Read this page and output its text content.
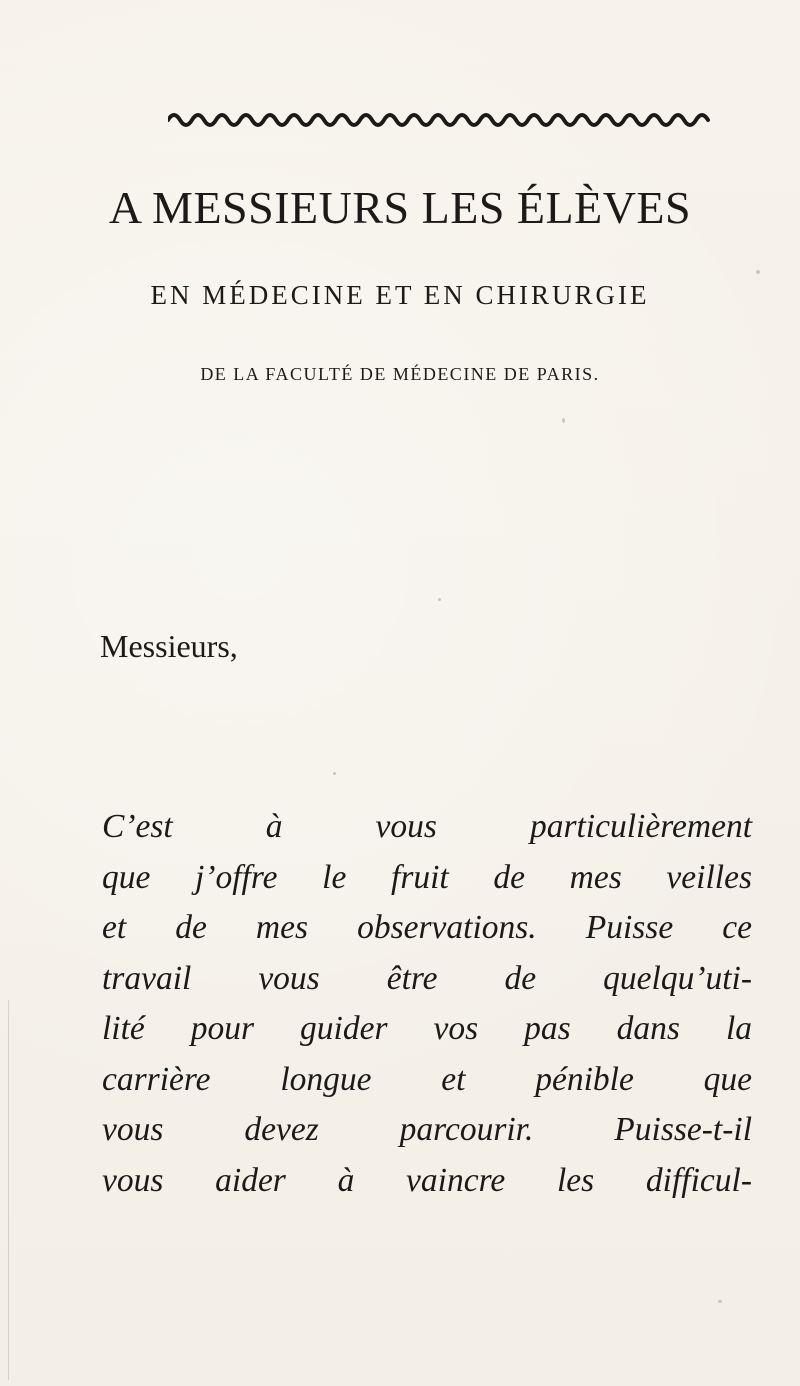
A MESSIEURS LES ÉLÈVES
EN MÉDECINE ET EN CHIRURGIE
DE LA FACULTÉ DE MÉDECINE DE PARIS.
Messieurs,
C’est à vous particulièrement
que j’offre le fruit de mes veilles
et de mes observations. Puisse ce
travail vous être de quelqu’uti-
lité pour guider vos pas dans la
carrière longue et pénible que
vous devez parcourir. Puisse-t-il
vous aider à vaincre les difficul-
